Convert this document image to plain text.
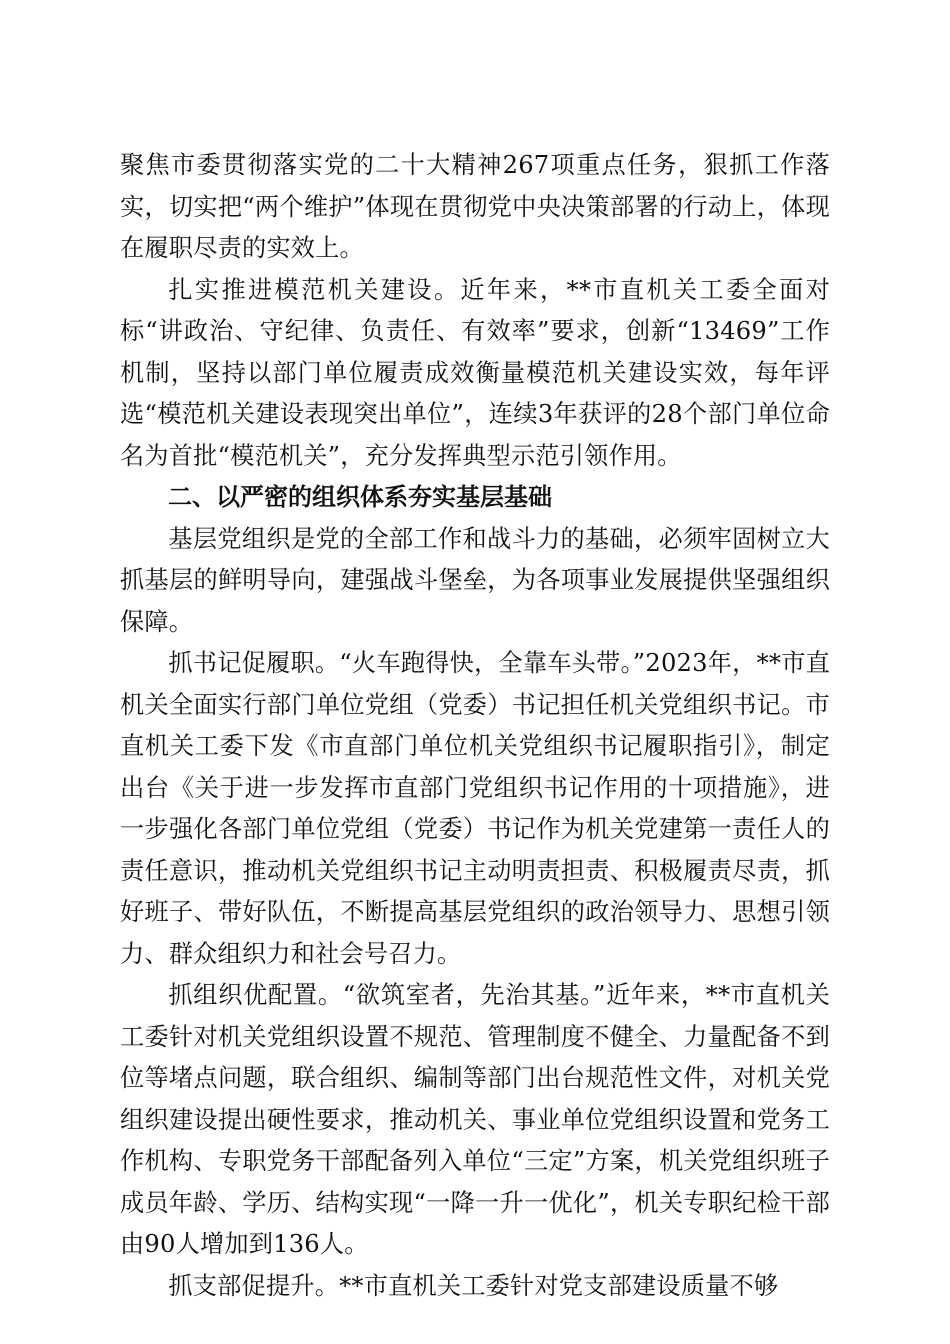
聚焦市委贯彻落实党的二十大精神267项重点任务，狠抓工作落实，切实把“两个维护”体现在贯彻党中央决策部署的行动上，体现在履职尽责的实效上。

扎实推进模范机关建设。近年来，**市直机关工委全面对标“讲政治、守纪律、负责任、有效率”要求，创新“13469”工作机制，坚持以部门单位履责成效衡量模范机关建设实效，每年评选“模范机关建设表现突出单位”，连续3年获评的28个部门单位命名为首批“模范机关”，充分发挥典型示范引领作用。

二、以严密的组织体系夯实基层基础

基层党组织是党的全部工作和战斗力的基础，必须牢固树立大抓基层的鲜明导向，建强战斗堡垒，为各项事业发展提供坚强组织保障。

抓书记促履职。“火车跑得快，全靠车头带。”2023年，**市直机关全面实行部门单位党组（党委）书记担任机关党组织书记。市直机关工委下发《市直部门单位机关党组织书记履职指引》，制定出台《关于进一步发挥市直部门党组织书记作用的十项措施》，进一步强化各部门单位党组（党委）书记作为机关党建第一责任人的责任意识，推动机关党组织书记主动明责担责、积极履责尽责，抓好班子、带好队伍，不断提高基层党组织的政治领导力、思想引领力、群众组织力和社会号召力。

抓组织优配置。“欲筑室者，先治其基。”近年来，**市直机关工委针对机关党组织设置不规范、管理制度不健全、力量配备不到位等堵点问题，联合组织、编制等部门出台规范性文件，对机关党组织建设提出硬性要求，推动机关、事业单位党组织设置和党务工作机构、专职党务干部配备列入单位“三定”方案，机关党组织班子成员年龄、学历、结构实现“一降一升一优化”，机关专职纪检干部由90人增加到136人。

抓支部促提升。**市直机关工委针对党支部建设质量不够
